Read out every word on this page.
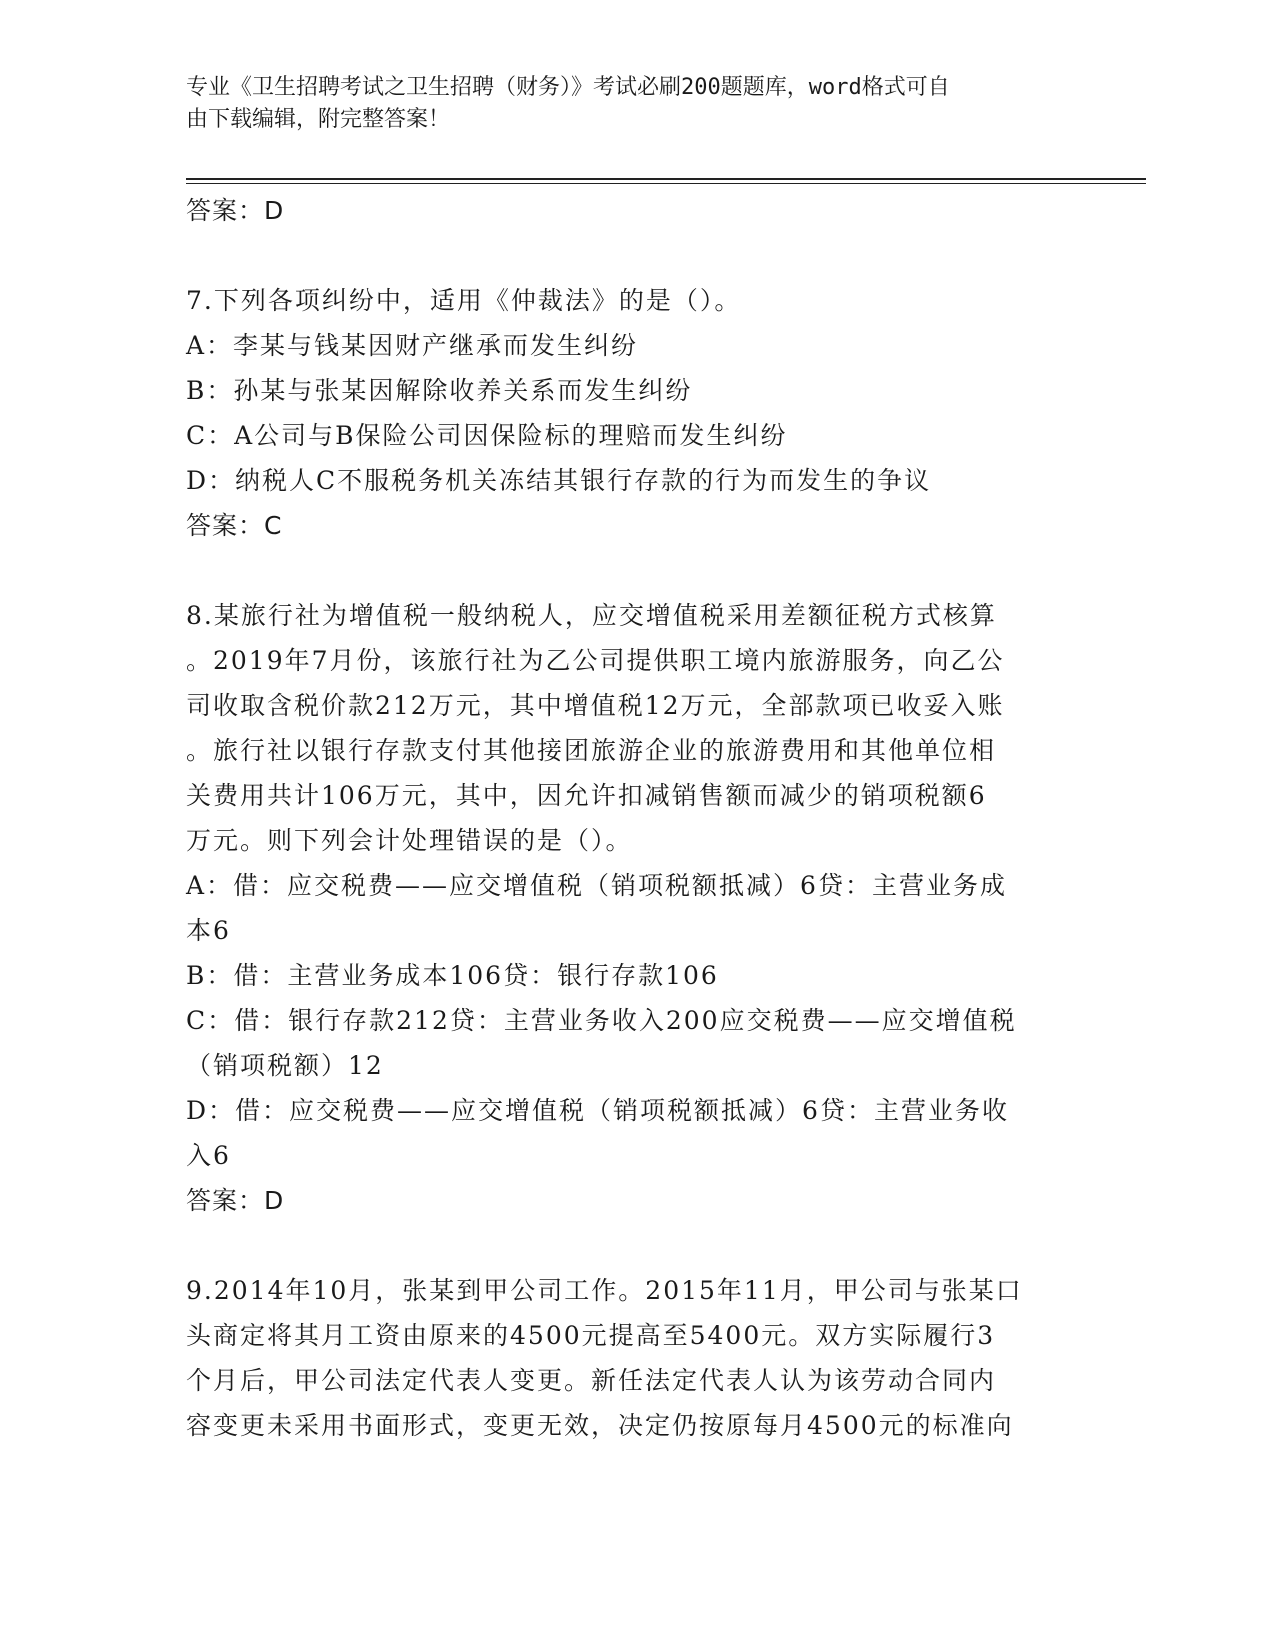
专业《卫生招聘考试之卫生招聘（财务）》考试必刷200题题库，word格式可自
由下载编辑，附完整答案！
答案：D
7.下列各项纠纷中，适用《仲裁法》的是（）。
A：李某与钱某因财产继承而发生纠纷
B：孙某与张某因解除收养关系而发生纠纷
C：A公司与B保险公司因保险标的理赔而发生纠纷
D：纳税人C不服税务机关冻结其银行存款的行为而发生的争议
答案：C
8.某旅行社为增值税一般纳税人，应交增值税采用差额征税方式核算
。2019年7月份，该旅行社为乙公司提供职工境内旅游服务，向乙公
司收取含税价款212万元，其中增值税12万元，全部款项已收妥入账
。旅行社以银行存款支付其他接团旅游企业的旅游费用和其他单位相
关费用共计106万元，其中，因允许扣减销售额而减少的销项税额6
万元。则下列会计处理错误的是（）。
A：借：应交税费——应交增值税（销项税额抵减）6贷：主营业务成
本6
B：借：主营业务成本106贷：银行存款106
C：借：银行存款212贷：主营业务收入200应交税费——应交增值税
（销项税额）12
D：借：应交税费——应交增值税（销项税额抵减）6贷：主营业务收
入6
答案：D
9.2014年10月，张某到甲公司工作。2015年11月，甲公司与张某口
头商定将其月工资由原来的4500元提高至5400元。双方实际履行3
个月后，甲公司法定代表人变更。新任法定代表人认为该劳动合同内
容变更未采用书面形式，变更无效，决定仍按原每月4500元的标准向
